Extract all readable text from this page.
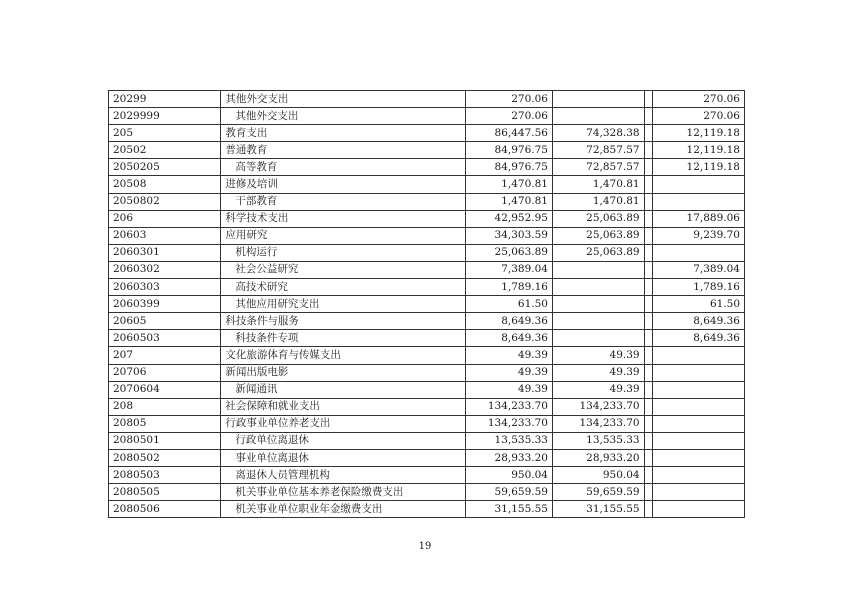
20299	其他外交支出	270.06			270.06
2029999	其他外交支出	270.06			270.06
205	教育支出	86,447.56	74,328.38		12,119.18
20502	普通教育	84,976.75	72,857.57		12,119.18
2050205	高等教育	84,976.75	72,857.57		12,119.18
20508	进修及培训	1,470.81	1,470.81		
2050802	干部教育	1,470.81	1,470.81		
206	科学技术支出	42,952.95	25,063.89		17,889.06
20603	应用研究	34,303.59	25,063.89		9,239.70
2060301	机构运行	25,063.89	25,063.89		
2060302	社会公益研究	7,389.04			7,389.04
2060303	高技术研究	1,789.16			1,789.16
2060399	其他应用研究支出	61.50			61.50
20605	科技条件与服务	8,649.36			8,649.36
2060503	科技条件专项	8,649.36			8,649.36
207	文化旅游体育与传媒支出	49.39	49.39		
20706	新闻出版电影	49.39	49.39		
2070604	新闻通讯	49.39	49.39		
208	社会保障和就业支出	134,233.70	134,233.70		
20805	行政事业单位养老支出	134,233.70	134,233.70		
2080501	行政单位离退休	13,535.33	13,535.33		
2080502	事业单位离退休	28,933.20	28,933.20		
2080503	离退休人员管理机构	950.04	950.04		
2080505	机关事业单位基本养老保险缴费支出	59,659.59	59,659.59		
2080506	机关事业单位职业年金缴费支出	31,155.55	31,155.55		
19
